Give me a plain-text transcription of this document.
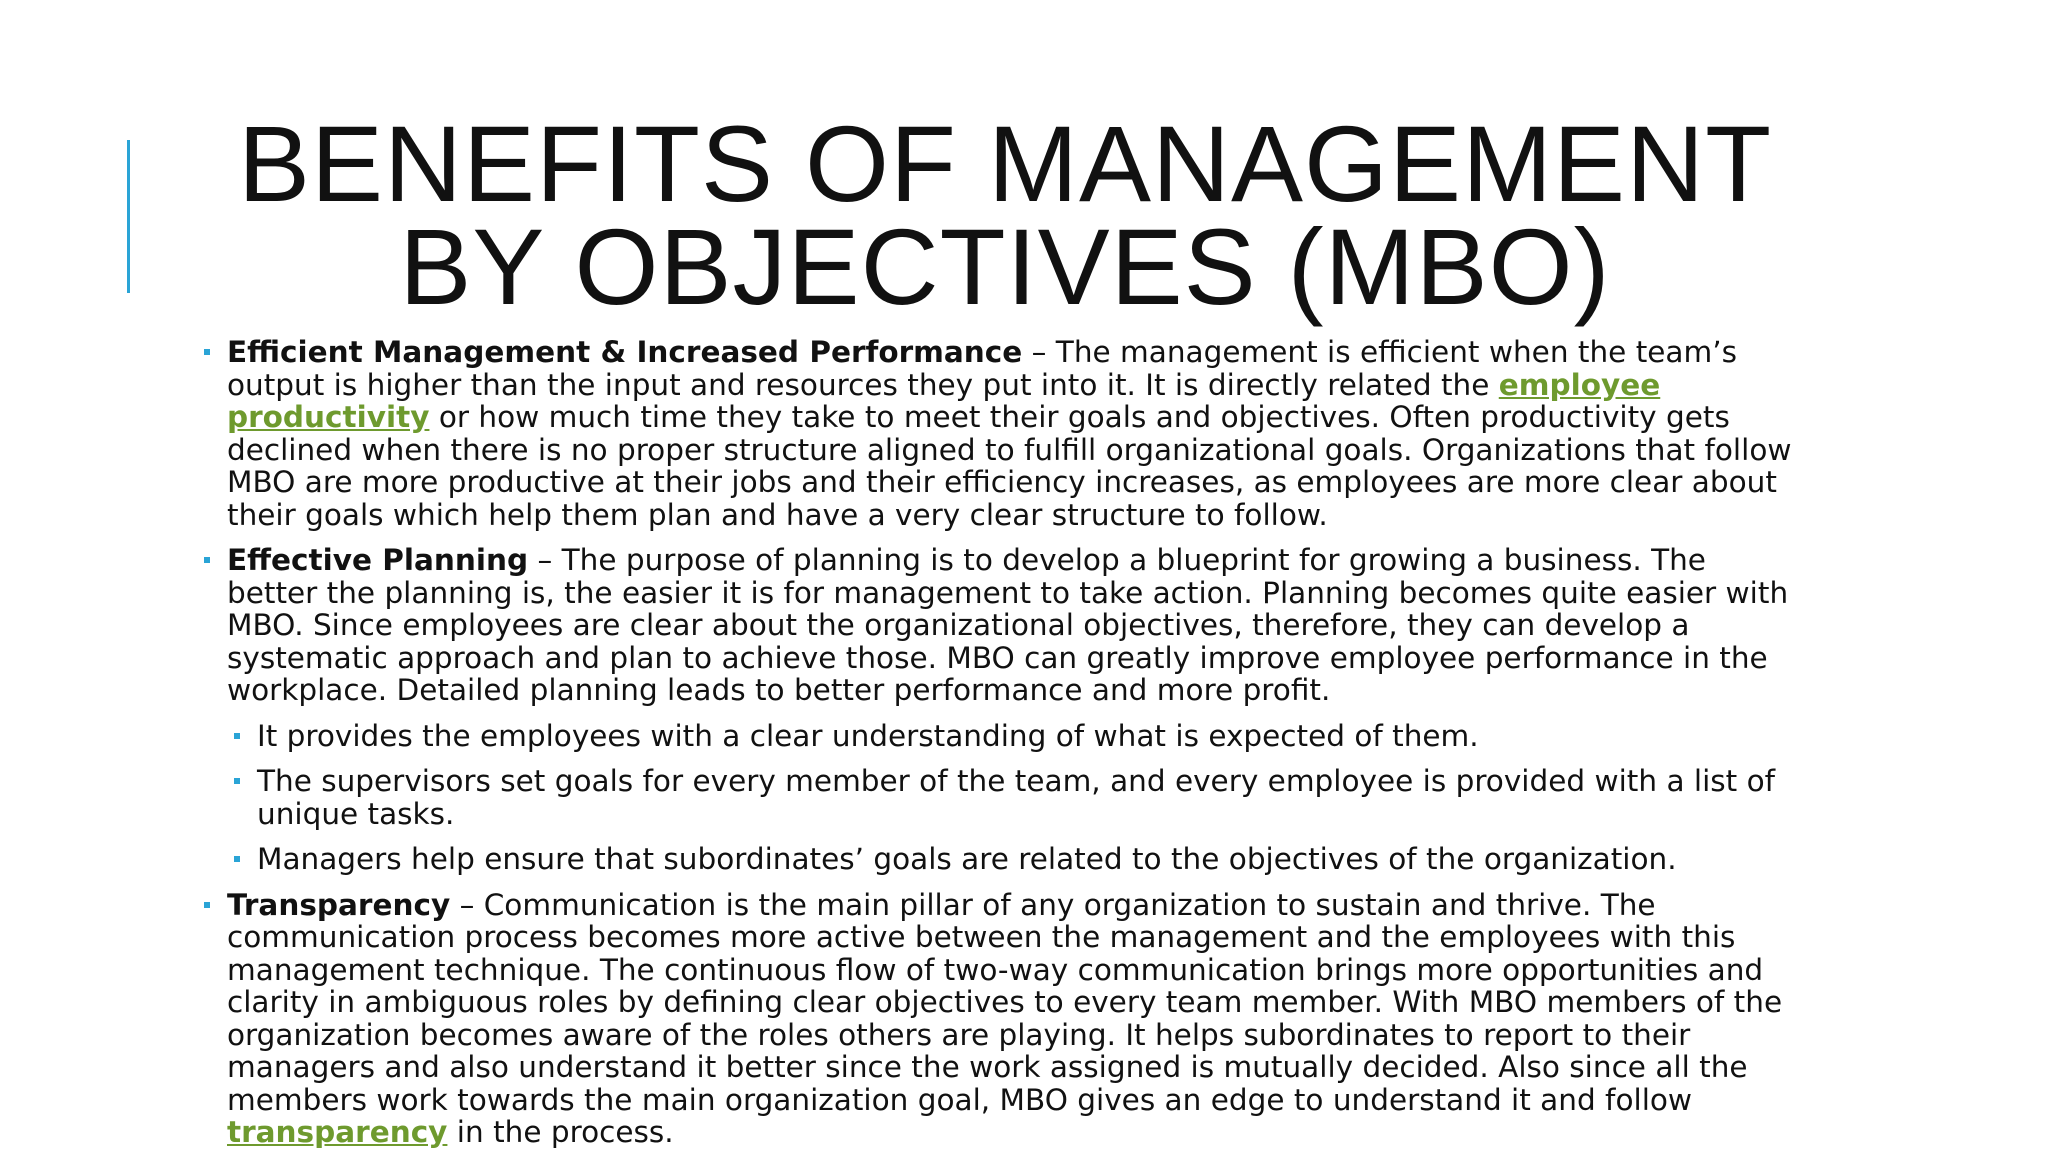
BENEFITS OF MANAGEMENT
BY OBJECTIVES (MBO)
Efficient Management & Increased Performance – The management is efficient when the team’s output is higher than the input and resources they put into it. It is directly related the employee productivity or how much time they take to meet their goals and objectives. Often productivity gets declined when there is no proper structure aligned to fulfill organizational goals. Organizations that follow MBO are more productive at their jobs and their efficiency increases, as employees are more clear about their goals which help them plan and have a very clear structure to follow.
Effective Planning – The purpose of planning is to develop a blueprint for growing a business. The better the planning is, the easier it is for management to take action. Planning becomes quite easier with MBO. Since employees are clear about the organizational objectives, therefore, they can develop a systematic approach and plan to achieve those. MBO can greatly improve employee performance in the workplace. Detailed planning leads to better performance and more profit.
It provides the employees with a clear understanding of what is expected of them.
The supervisors set goals for every member of the team, and every employee is provided with a list of unique tasks.
Managers help ensure that subordinates’ goals are related to the objectives of the organization.
Transparency – Communication is the main pillar of any organization to sustain and thrive. The communication process becomes more active between the management and the employees with this management technique. The continuous flow of two-way communication brings more opportunities and clarity in ambiguous roles by defining clear objectives to every team member. With MBO members of the organization becomes aware of the roles others are playing. It helps subordinates to report to their managers and also understand it better since the work assigned is mutually decided. Also since all the members work towards the main organization goal, MBO gives an edge to understand it and follow transparency in the process.
